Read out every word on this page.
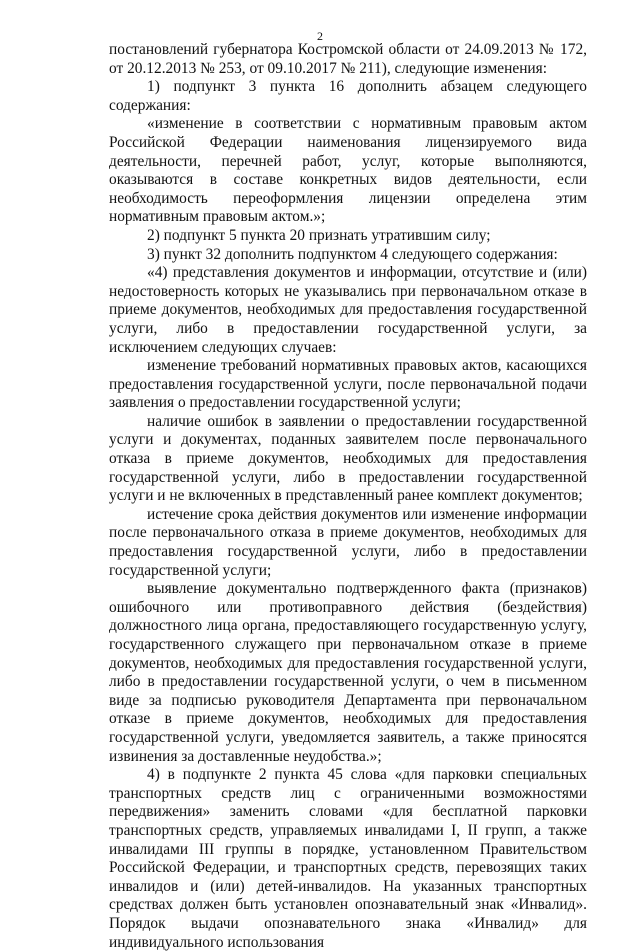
2

постановлений губернатора Костромской области от 24.09.2013 № 172, от 20.12.2013 № 253, от 09.10.2017 № 211), следующие изменения:

1) подпункт 3 пункта 16 дополнить абзацем следующего содержания:

«изменение в соответствии с нормативным правовым актом Российской Федерации наименования лицензируемого вида деятельности, перечней работ, услуг, которые выполняются, оказываются в составе конкретных видов деятельности, если необходимость переоформления лицензии определена этим нормативным правовым актом.»;

2) подпункт 5 пункта 20 признать утратившим силу;

3) пункт 32 дополнить подпунктом 4 следующего содержания:

«4) представления документов и информации, отсутствие и (или) недостоверность которых не указывались при первоначальном отказе в приеме документов, необходимых для предоставления государственной услуги, либо в предоставлении государственной услуги, за исключением следующих случаев:

изменение требований нормативных правовых актов, касающихся предоставления государственной услуги, после первоначальной подачи заявления о предоставлении государственной услуги;

наличие ошибок в заявлении о предоставлении государственной услуги и документах, поданных заявителем после первоначального отказа в приеме документов, необходимых для предоставления государственной услуги, либо в предоставлении государственной услуги и не включенных в представленный ранее комплект документов;

истечение срока действия документов или изменение информации после первоначального отказа в приеме документов, необходимых для предоставления государственной услуги, либо в предоставлении государственной услуги;

выявление документально подтвержденного факта (признаков) ошибочного или противоправного действия (бездействия) должностного лица органа, предоставляющего государственную услугу, государственного служащего при первоначальном отказе в приеме документов, необходимых для предоставления государственной услуги, либо в предоставлении государственной услуги, о чем в письменном виде за подписью руководителя Департамента при первоначальном отказе в приеме документов, необходимых для предоставления государственной услуги, уведомляется заявитель, а также приносятся извинения за доставленные неудобства.»;

4) в подпункте 2 пункта 45 слова «для парковки специальных транспортных средств лиц с ограниченными возможностями передвижения» заменить словами «для бесплатной парковки транспортных средств, управляемых инвалидами I, II групп, а также инвалидами III группы в порядке, установленном Правительством Российской Федерации, и транспортных средств, перевозящих таких инвалидов и (или) детей-инвалидов. На указанных транспортных средствах должен быть установлен опознавательный знак «Инвалид». Порядок выдачи опознавательного знака «Инвалид» для индивидуального использования
